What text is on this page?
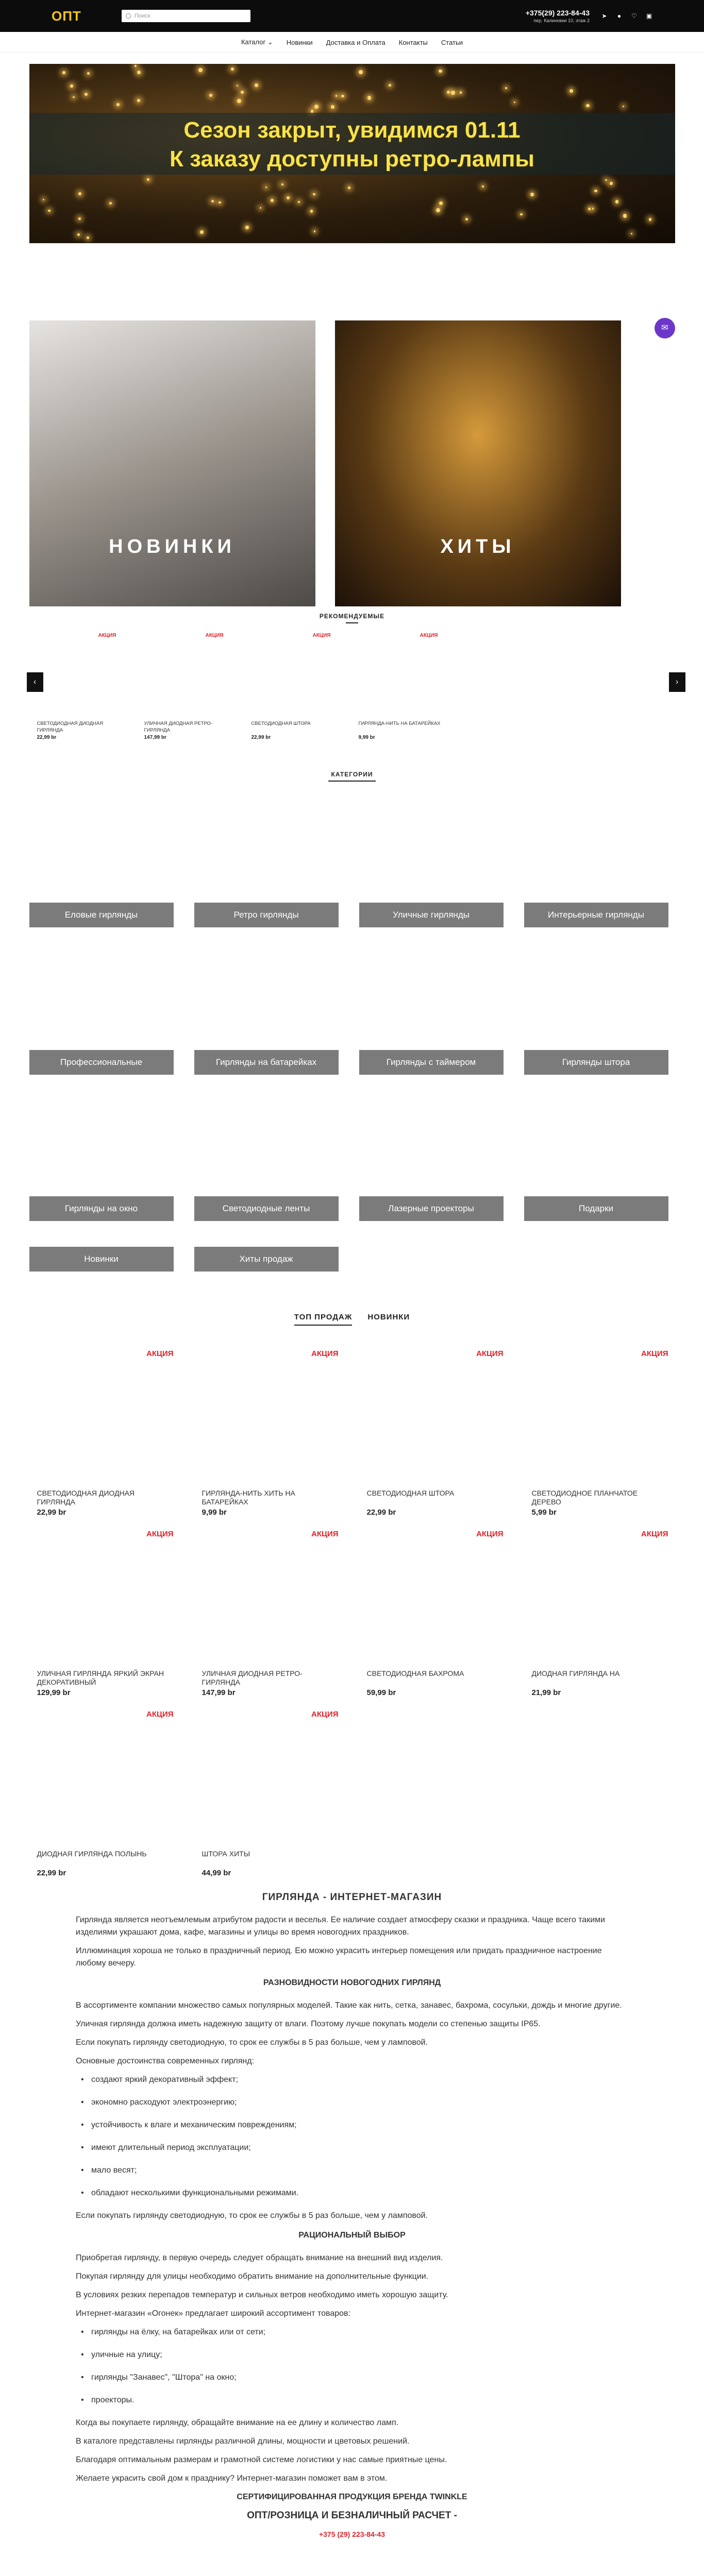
ОПТ	Поиск	+375(29) 223-84-43
пер. Калиновки 10, этаж 2
➤ ● ♡ ▣
Каталог ⌄ Новинки Доставка и Оплата Контакты Статьи
Сезон закрыт, увидимся 01.11
К заказу доступны ретро-лампы
✉
НОВИНКИ	ХИТЫ
РЕКОМЕНДУЕМЫЕ
‹
АКЦИЯ
СВЕТОДИОДНАЯ ДИОДНАЯ ГИРЛЯНДА
22,99 br
АКЦИЯ
УЛИЧНАЯ ДИОДНАЯ РЕТРО-ГИРЛЯНДА
147,99 br
АКЦИЯ
СВЕТОДИОДНАЯ ШТОРА
22,99 br
АКЦИЯ
ГИРЛЯНДА-НИТЬ НА БАТАРЕЙКАХ
9,99 br
›
КАТЕГОРИИ
Еловые гирлянды	Ретро гирлянды	Уличные гирлянды	Интерьерные гирлянды
Профессиональные	Гирлянды на батарейках	Гирлянды с таймером	Гирлянды штора
Гирлянды на окно	Светодиодные ленты	Лазерные проекторы	Подарки
Новинки	Хиты продаж
ТОП ПРОДАЖ НОВИНКИ
АКЦИЯ
СВЕТОДИОДНАЯ ДИОДНАЯ ГИРЛЯНДА
22,99 br
АКЦИЯ
ГИРЛЯНДА-НИТЬ ХИТЬ НА БАТАРЕЙКАХ
9,99 br
АКЦИЯ
СВЕТОДИОДНАЯ ШТОРА
22,99 br
АКЦИЯ
СВЕТОДИОДНОЕ ПЛАНЧАТОЕ ДЕРЕВО
5,99 br
АКЦИЯ
УЛИЧНАЯ ГИРЛЯНДА ЯРКИЙ ЭКРАН ДЕКОРАТИВНЫЙ
129,99 br
АКЦИЯ
УЛИЧНАЯ ДИОДНАЯ РЕТРО-ГИРЛЯНДА
147,99 br
АКЦИЯ
СВЕТОДИОДНАЯ БАХРОМА
59,99 br
АКЦИЯ
ДИОДНАЯ ГИРЛЯНДА НА
21,99 br
АКЦИЯ
ДИОДНАЯ ГИРЛЯНДА ПОЛЫНЬ
22,99 br
АКЦИЯ
ШТОРА ХИТЫ
44,99 br
ГИРЛЯНДА - ИНТЕРНЕТ-МАГАЗИН

Гирлянда является неотъемлемым атрибутом радости и веселья. Ее наличие создает атмосферу сказки и праздника. Чаще всего такими изделиями украшают дома, кафе, магазины и улицы во время новогодних праздников.

Иллюминация хороша не только в праздничный период. Ею можно украсить интерьер помещения или придать праздничное настроение любому вечеру.

РАЗНОВИДНОСТИ НОВОГОДНИХ ГИРЛЯНД

В ассортименте компании множество самых популярных моделей. Такие как нить, сетка, занавес, бахрома, сосульки, дождь и многие другие.

Уличная гирлянда должна иметь надежную защиту от влаги. Поэтому лучше покупать модели со степенью защиты IP65.

Если покупать гирлянду светодиодную, то срок ее службы в 5 раз больше, чем у ламповой.

Основные достоинства современных гирлянд:

• создают яркий декоративный эффект;
• экономно расходуют электроэнергию;
• устойчивость к влаге и механическим повреждениям;
• имеют длительный период эксплуатации;
• мало весят;
• обладают несколькими функциональными режимами.

Если покупать гирлянду светодиодную, то срок ее службы в 5 раз больше, чем у ламповой.

РАЦИОНАЛЬНЫЙ ВЫБОР

Приобретая гирлянду, в первую очередь следует обращать внимание на внешний вид изделия.

Покупая гирлянду для улицы необходимо обратить внимание на дополнительные функции.

В условиях резких перепадов температур и сильных ветров необходимо иметь хорошую защиту.

Интернет-магазин «Огонек» предлагает широкий ассортимент товаров:

• гирлянды на ёлку, на батарейках или от сети;
• уличные на улицу;
• гирлянды "Занавес", "Штора" на окно;
• проекторы.

Когда вы покупаете гирлянду, обращайте внимание на ее длину и количество ламп.

В каталоге представлены гирлянды различной длины, мощности и цветовых решений.

Благодаря оптимальным размерам и грамотной системе логистики у нас самые приятные цены.

Желаете украсить свой дом к празднику? Интернет-магазин поможет вам в этом.

СЕРТИФИЦИРОВАННАЯ ПРОДУКЦИЯ БРЕНДА TWINKLE

ОПТ/РОЗНИЦА И БЕЗНАЛИЧНЫЙ РАСЧЕТ -

+375 (29) 223-84-43
